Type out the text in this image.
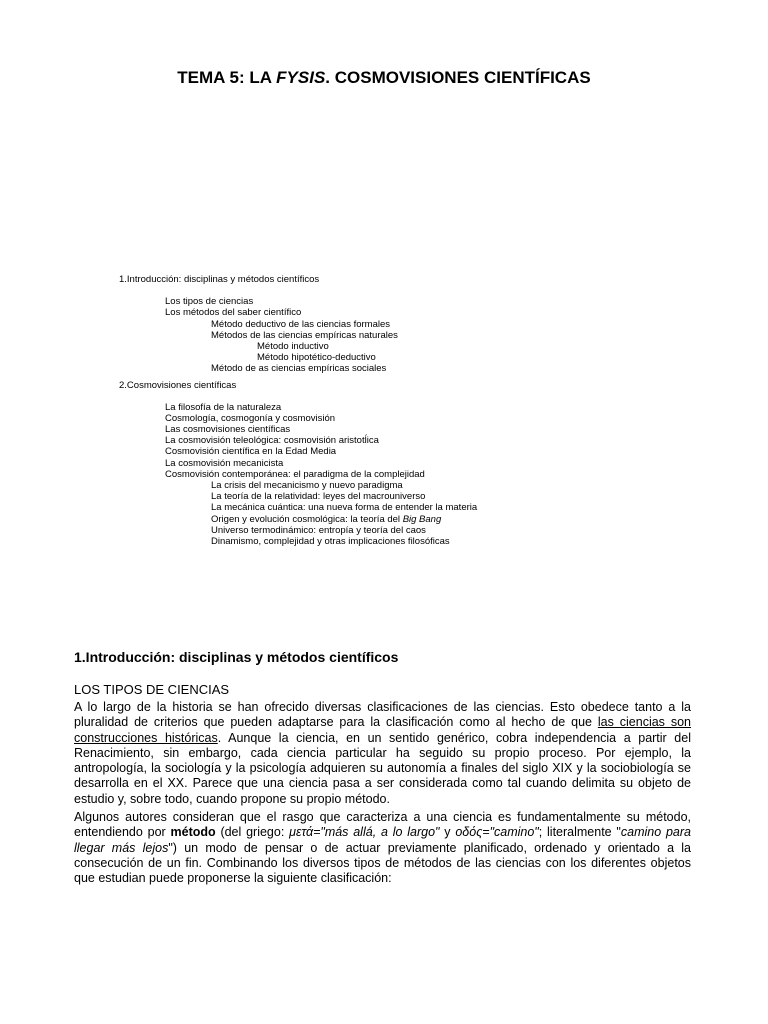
TEMA 5: LA FYSIS. COSMOVISIONES CIENTÍFICAS
1.Introducción: disciplinas y métodos científicos
Los tipos de ciencias
Los métodos del saber científico
Método deductivo de las ciencias formales
Métodos de las ciencias empíricas naturales
Método inductivo
Método hipotético-deductivo
Método de as ciencias empíricas sociales
2.Cosmovisiones científicas
La filosofía de la naturaleza
Cosmología, cosmogonía y cosmovisión
Las cosmovisiones científicas
La cosmovisión teleológica: cosmovisión aristotĺica
Cosmovisión científica en la Edad Media
La cosmovisión mecanicista
Cosmovisión contemporánea: el paradigma de la complejidad
La crisis del mecanicismo y nuevo paradigma
La teoría de la relatividad: leyes del macrouniverso
La mecánica cuántica: una nueva forma de entender la materia
Origen y evolución cosmológica: la teoría del Big Bang
Universo termodinámico: entropía y teoría del caos
Dinamismo, complejidad y otras implicaciones filosóficas
1.Introducción: disciplinas y métodos científicos
LOS TIPOS DE CIENCIAS

A lo largo de la historia se han ofrecido diversas clasificaciones de las ciencias. Esto obedece tanto a la pluralidad de criterios que pueden adaptarse para la clasificación como al hecho de que las ciencias son construcciones históricas. Aunque la ciencia, en un sentido genérico, cobra independencia a partir del Renacimiento, sin embargo, cada ciencia particular ha seguido su propio proceso. Por ejemplo, la antropología, la sociología y la psicología adquieren su autonomía a finales del siglo XIX y la sociobiología se desarrolla en el XX. Parece que una ciencia pasa a ser considerada como tal cuando delimita su objeto de estudio y, sobre todo, cuando propone su propio método.

Algunos autores consideran que el rasgo que caracteriza a una ciencia es fundamentalmente su método, entendiendo por método (del griego: μετά="más allá, a lo largo" y οδός="camino"; literalmente "camino para llegar más lejos") un modo de pensar o de actuar previamente planificado, ordenado y orientado a la consecución de un fin. Combinando los diversos tipos de métodos de las ciencias con los diferentes objetos que estudian puede proponerse la siguiente clasificación:
